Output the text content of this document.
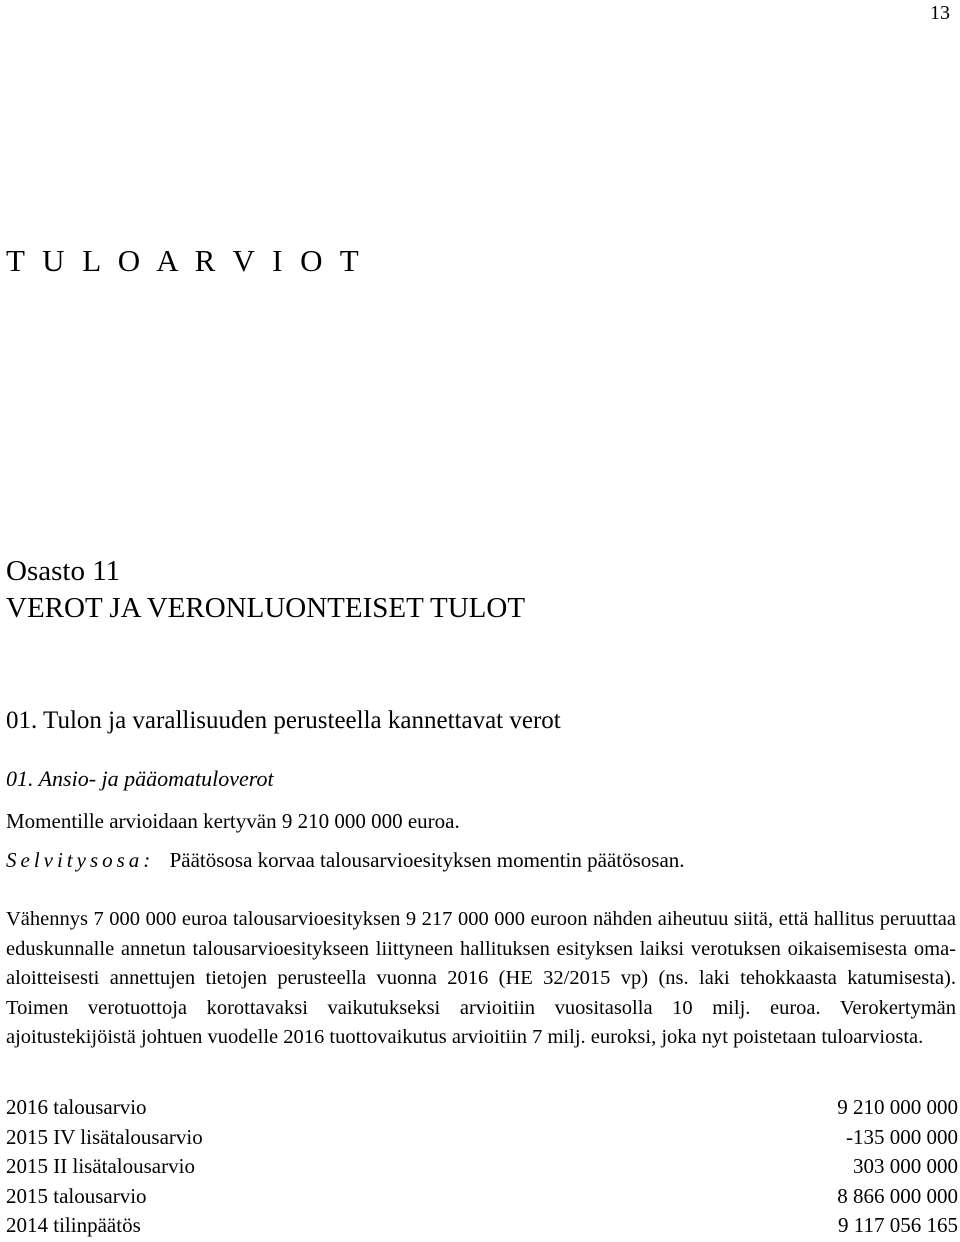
13
T U L O A R V I O T
Osasto 11
VEROT JA VERONLUONTEISET TULOT
01. Tulon ja varallisuuden perusteella kannettavat verot
01. Ansio- ja pääomatuloverot
Momentille arvioidaan kertyvän 9 210 000 000 euroa.
Selvitysosa: Päätösosa korvaa talousarvioesityksen momentin päätösosan.

Vähennys 7 000 000 euroa talousarvioesityksen 9 217 000 000 euroon nähden aiheutuu siitä, että hallitus peruuttaa eduskunnalle annetun talousarvioesitykseen liittyneen hallituksen esityksen laiksi verotuksen oikaisemisesta oma-aloitteisesti annettujen tietojen perusteella vuonna 2016 (HE 32/2015 vp) (ns. laki tehokkaasta katumisesta). Toimen verotuottoja korottavaksi vaikutukseksi arvioitiin vuositasolla 10 milj. euroa. Verokertymän ajoitustekijöistä johtuen vuodelle 2016 tuottovaikutus arvioitiin 7 milj. euroksi, joka nyt poistetaan tuloarviosta.

2016 talousarvio	9 210 000 000
2015 IV lisätalousarvio	-135 000 000
2015 II lisätalousarvio	303 000 000
2015 talousarvio	8 866 000 000
2014 tilinpäätös	9 117 056 165
